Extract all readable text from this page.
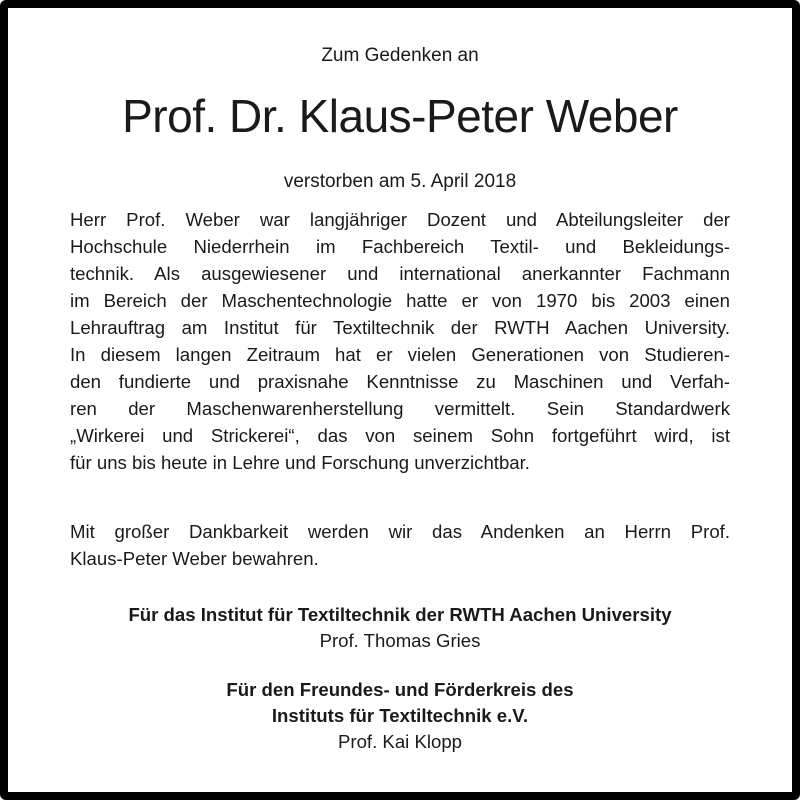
Zum Gedenken an
Prof. Dr. Klaus-Peter Weber
verstorben am 5. April 2018
Herr Prof. Weber war langjähriger Dozent und Abteilungsleiter der
Hochschule Niederrhein im Fachbereich Textil- und Bekleidungs-
technik. Als ausgewiesener und international anerkannter Fachmann
im Bereich der Maschentechnologie hatte er von 1970 bis 2003 einen
Lehrauftrag am Institut für Textiltechnik der RWTH Aachen University.
In diesem langen Zeitraum hat er vielen Generationen von Studieren-
den fundierte und praxisnahe Kenntnisse zu Maschinen und Verfah-
ren der Maschenwarenherstellung vermittelt. Sein Standardwerk
„Wirkerei und Strickerei“, das von seinem Sohn fortgeführt wird, ist
für uns bis heute in Lehre und Forschung unverzichtbar.
Mit großer Dankbarkeit werden wir das Andenken an Herrn Prof.
Klaus-Peter Weber bewahren.
Für das Institut für Textiltechnik der RWTH Aachen University
Prof. Thomas Gries
Für den Freundes- und Förderkreis des
Instituts für Textiltechnik e.V.
Prof. Kai Klopp
